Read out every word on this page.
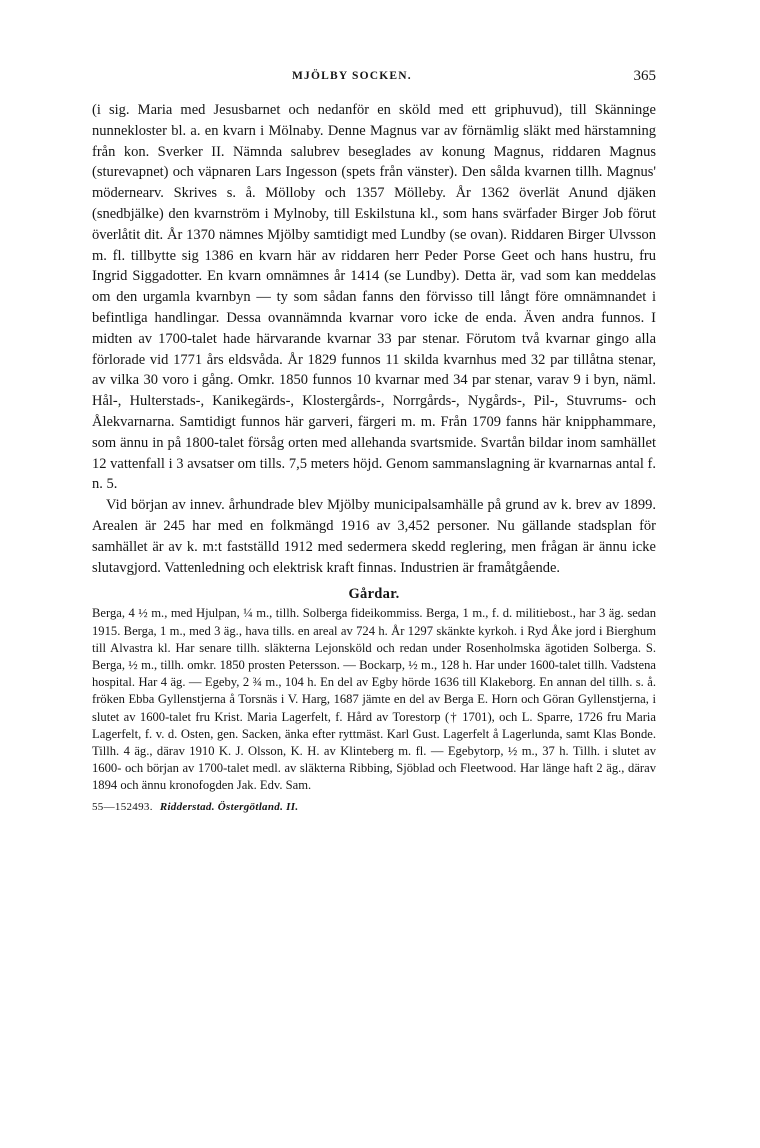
MJÖLBY SOCKEN.	365

(i sig. Maria med Jesusbarnet och nedanför en sköld med ett griphuvud), till Skänninge nunnekloster bl. a. en kvarn i Mölnaby. Denne Magnus var av förnämlig släkt med härstamning från kon. Sverker II. Nämnda salubrev beseglades av konung Magnus, riddaren Magnus (sturevapnet) och väpnaren Lars Ingesson (spets från vänster). Den sålda kvarnen tillh. Magnus' mödernearv. Skrives s. å. Mölloby och 1357 Mölleby. År 1362 överlät Anund djäken (snedbjälke) den kvarnström i Mylnoby, till Eskilstuna kl., som hans svärfader Birger Job förut överlåtit dit. År 1370 nämnes Mjölby samtidigt med Lundby (se ovan). Riddaren Birger Ulvsson m. fl. tillbytte sig 1386 en kvarn här av riddaren herr Peder Porse Geet och hans hustru, fru Ingrid Siggadotter. En kvarn omnämnes år 1414 (se Lundby). Detta är, vad som kan meddelas om den urgamla kvarnbyn — ty som sådan fanns den förvisso till långt före omnämnandet i befintliga handlingar. Dessa ovannämnda kvarnar voro icke de enda. Även andra funnos. I midten av 1700-talet hade härvarande kvarnar 33 par stenar. Förutom två kvarnar gingo alla förlorade vid 1771 års eldsvåda. År 1829 funnos 11 skilda kvarnhus med 32 par tillåtna stenar, av vilka 30 voro i gång. Omkr. 1850 funnos 10 kvarnar med 34 par stenar, varav 9 i byn, näml. Hål-, Hulterstads-, Kanikegärds-, Klostergårds-, Norrgårds-, Nygårds-, Pil-, Stuvrums- och Ålekvarnarna. Samtidigt funnos här garveri, färgeri m. m. Från 1709 fanns här knipphammare, som ännu in på 1800-talet försåg orten med allehanda svartsmide. Svartån bildar inom samhället 12 vattenfall i 3 avsatser om tills. 7,5 meters höjd. Genom sammanslagning är kvarnarnas antal f. n. 5.

Vid början av innev. århundrade blev Mjölby municipalsamhälle på grund av k. brev av 1899. Arealen är 245 har med en folkmängd 1916 av 3,452 personer. Nu gällande stadsplan för samhället är av k. m:t fastställd 1912 med sedermera skedd reglering, men frågan är ännu icke slutavgjord. Vattenledning och elektrisk kraft finnas. Industrien är framåtgående.

Gårdar.

Berga, 4 ½ m., med Hjulpan, ¼ m., tillh. Solberga fideikommiss. Berga, 1 m., f. d. militiebost., har 3 äg. sedan 1915. Berga, 1 m., med 3 äg., hava tills. en areal av 724 h. År 1297 skänkte kyrkoh. i Ryd Åke jord i Bierghum till Alvastra kl. Har senare tillh. släkterna Lejonsköld och redan under Rosenholmska ägotiden Solberga. S. Berga, ½ m., tillh. omkr. 1850 prosten Petersson. — Bockarp, ½ m., 128 h. Har under 1600-talet tillh. Vadstena hospital. Har 4 äg. — Egeby, 2 ¾ m., 104 h. En del av Egby hörde 1636 till Klakeborg. En annan del tillh. s. å. fröken Ebba Gyllenstjerna å Torsnäs i V. Harg, 1687 jämte en del av Berga E. Horn och Göran Gyllenstjerna, i slutet av 1600-talet fru Krist. Maria Lagerfelt, f. Hård av Torestorp († 1701), och L. Sparre, 1726 fru Maria Lagerfelt, f. v. d. Osten, gen. Sacken, änka efter ryttmäst. Karl Gust. Lagerfelt å Lagerlunda, samt Klas Bonde. Tillh. 4 äg., därav 1910 K. J. Olsson, K. H. av Klinteberg m. fl. — Egebytorp, ½ m., 37 h. Tillh. i slutet av 1600- och början av 1700-talet medl. av släkterna Ribbing, Sjöblad och Fleetwood. Har länge haft 2 äg., därav 1894 och ännu kronofogden Jak. Edv. Sam.

55—152493. Ridderstad. Östergötland. II.
